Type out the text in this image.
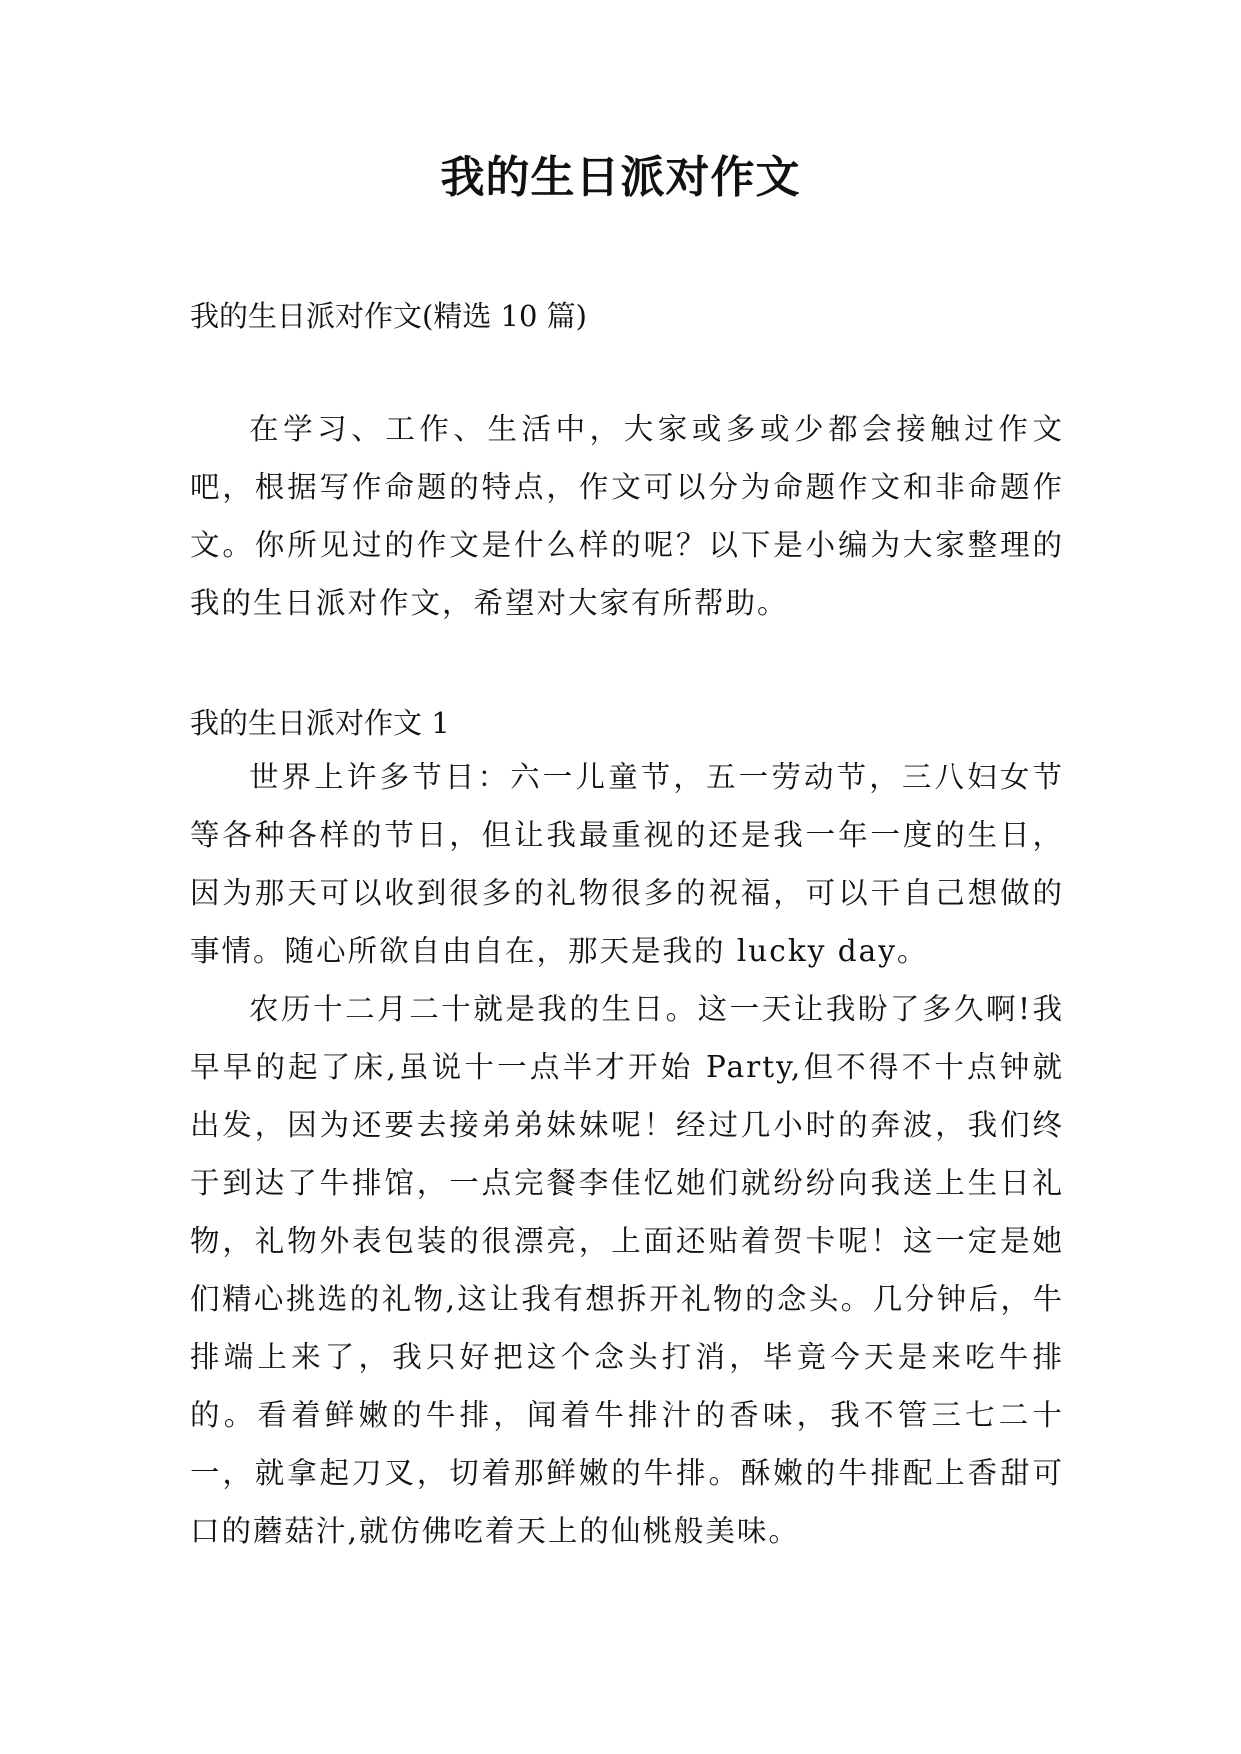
我的生日派对作文
我的生日派对作文(精选 10 篇)

在学习、工作、生活中，大家或多或少都会接触过作文吧，根据写作命题的特点，作文可以分为命题作文和非命题作文。你所见过的作文是什么样的呢？以下是小编为大家整理的我的生日派对作文，希望对大家有所帮助。

我的生日派对作文 1

世界上许多节日：六一儿童节，五一劳动节，三八妇女节等各种各样的节日，但让我最重视的还是我一年一度的生日，因为那天可以收到很多的礼物很多的祝福，可以干自己想做的事情。随心所欲自由自在，那天是我的 lucky day。

农历十二月二十就是我的生日。这一天让我盼了多久啊!我早早的起了床,虽说十一点半才开始 Party,但不得不十点钟就出发，因为还要去接弟弟妹妹呢！经过几小时的奔波，我们终于到达了牛排馆，一点完餐李佳忆她们就纷纷向我送上生日礼物，礼物外表包装的很漂亮，上面还贴着贺卡呢！这一定是她们精心挑选的礼物,这让我有想拆开礼物的念头。几分钟后，牛排端上来了，我只好把这个念头打消，毕竟今天是来吃牛排的。看着鲜嫩的牛排，闻着牛排汁的香味，我不管三七二十一，就拿起刀叉，切着那鲜嫩的牛排。酥嫩的牛排配上香甜可口的蘑菇汁,就仿佛吃着天上的仙桃般美味。
